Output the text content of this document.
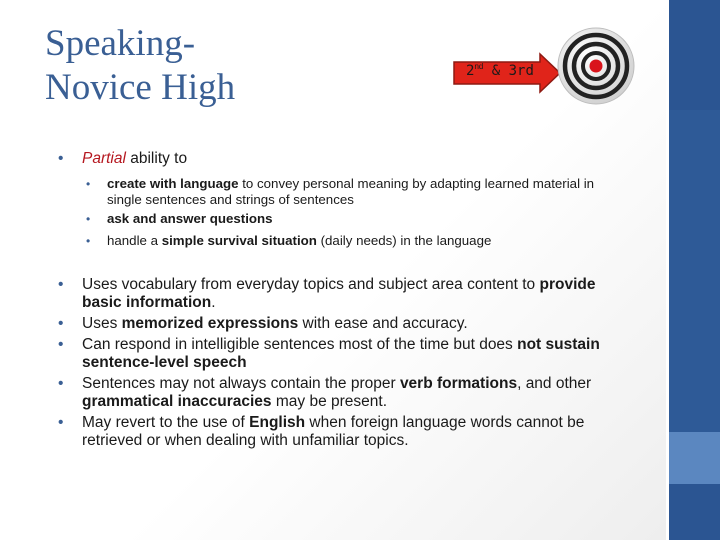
Speaking-
Novice High	2nd & 3rd
• Partial ability to
• create with language to convey personal meaning by adapting learned material in single sentences and strings of sentences
• ask and answer questions
• handle a simple survival situation (daily needs) in the language
• Uses vocabulary from everyday topics and subject area content to provide basic information.
• Uses memorized expressions with ease and accuracy.
• Can respond in intelligible sentences most of the time but does not sustain sentence-level speech
• Sentences may not always contain the proper verb formations, and other grammatical inaccuracies may be present.
• May revert to the use of English when foreign language words cannot be retrieved or when dealing with unfamiliar topics.
